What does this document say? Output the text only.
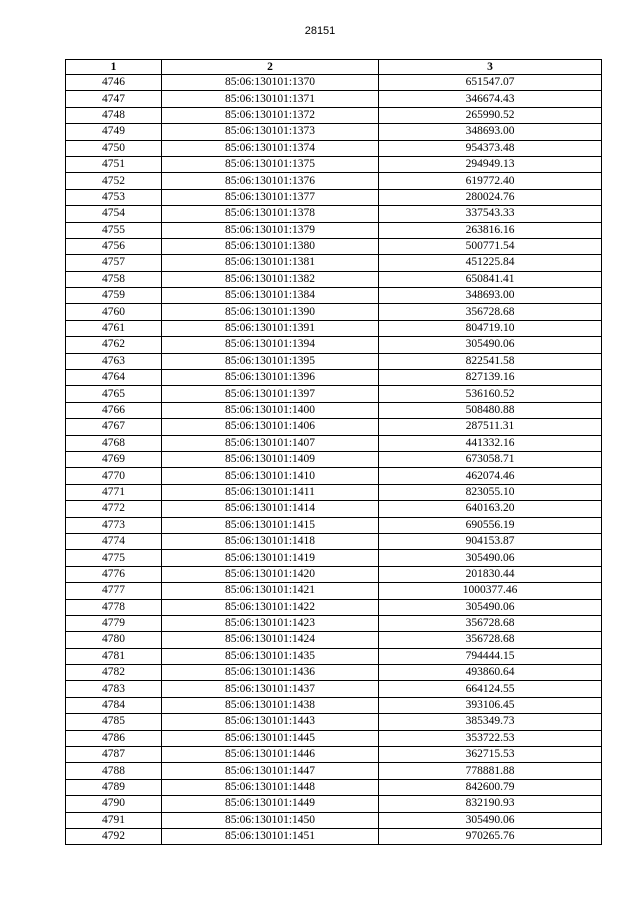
28151
1	2	3
4746	85:06:130101:1370	651547.07
4747	85:06:130101:1371	346674.43
4748	85:06:130101:1372	265990.52
4749	85:06:130101:1373	348693.00
4750	85:06:130101:1374	954373.48
4751	85:06:130101:1375	294949.13
4752	85:06:130101:1376	619772.40
4753	85:06:130101:1377	280024.76
4754	85:06:130101:1378	337543.33
4755	85:06:130101:1379	263816.16
4756	85:06:130101:1380	500771.54
4757	85:06:130101:1381	451225.84
4758	85:06:130101:1382	650841.41
4759	85:06:130101:1384	348693.00
4760	85:06:130101:1390	356728.68
4761	85:06:130101:1391	804719.10
4762	85:06:130101:1394	305490.06
4763	85:06:130101:1395	822541.58
4764	85:06:130101:1396	827139.16
4765	85:06:130101:1397	536160.52
4766	85:06:130101:1400	508480.88
4767	85:06:130101:1406	287511.31
4768	85:06:130101:1407	441332.16
4769	85:06:130101:1409	673058.71
4770	85:06:130101:1410	462074.46
4771	85:06:130101:1411	823055.10
4772	85:06:130101:1414	640163.20
4773	85:06:130101:1415	690556.19
4774	85:06:130101:1418	904153.87
4775	85:06:130101:1419	305490.06
4776	85:06:130101:1420	201830.44
4777	85:06:130101:1421	1000377.46
4778	85:06:130101:1422	305490.06
4779	85:06:130101:1423	356728.68
4780	85:06:130101:1424	356728.68
4781	85:06:130101:1435	794444.15
4782	85:06:130101:1436	493860.64
4783	85:06:130101:1437	664124.55
4784	85:06:130101:1438	393106.45
4785	85:06:130101:1443	385349.73
4786	85:06:130101:1445	353722.53
4787	85:06:130101:1446	362715.53
4788	85:06:130101:1447	778881.88
4789	85:06:130101:1448	842600.79
4790	85:06:130101:1449	832190.93
4791	85:06:130101:1450	305490.06
4792	85:06:130101:1451	970265.76
